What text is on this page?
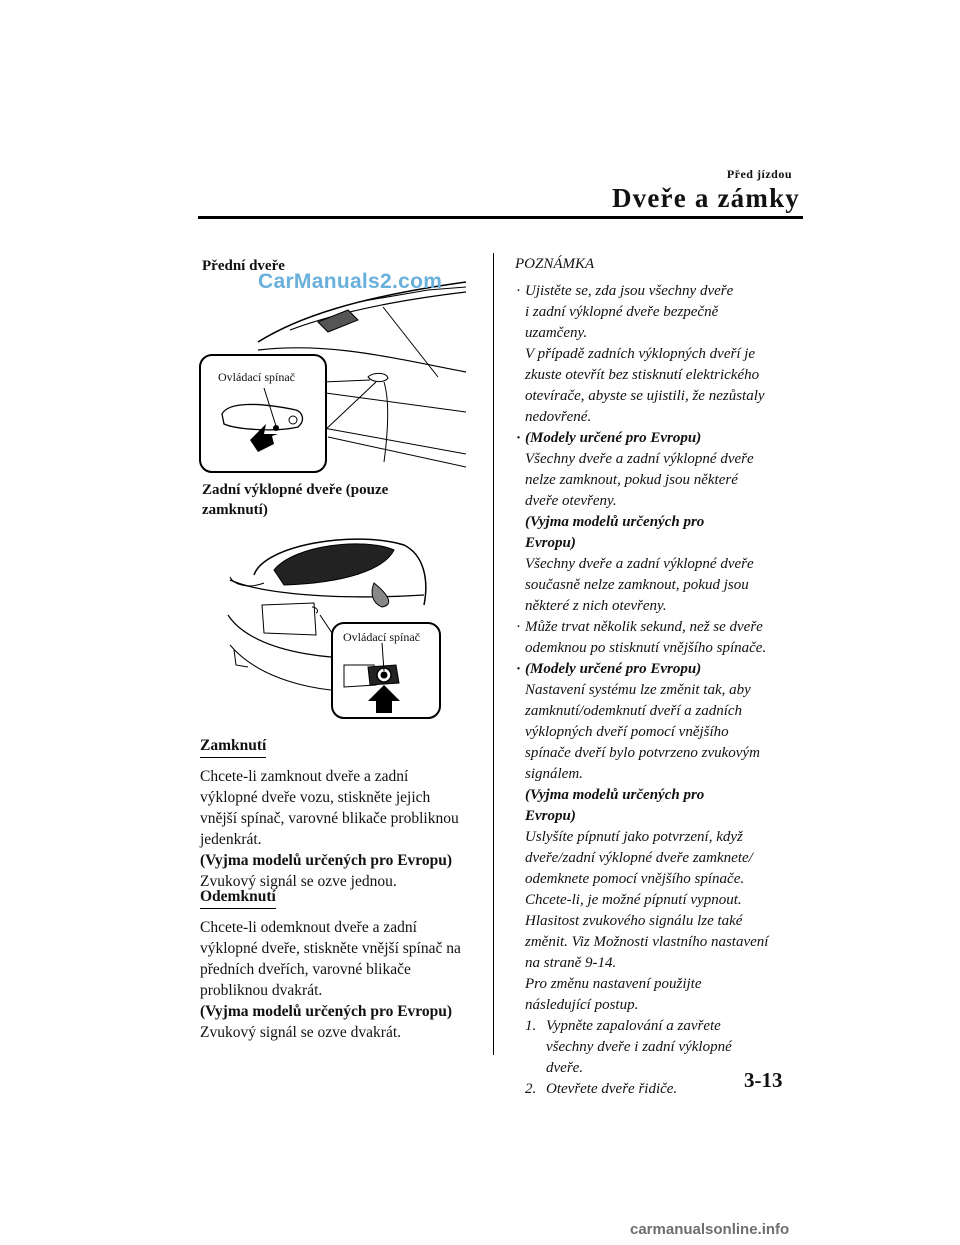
Před jízdou
Dveře a zámky
Přední dveře
Ovládací spínač
Zadní výklopné dveře (pouze
zamknutí)
Ovládací spínač
Zamknutí
Chcete-li zamknout dveře a zadní
výklopné dveře vozu, stiskněte jejich
vnější spínač, varovné blikače probliknou
jedenkrát.
(Vyjma modelů určených pro Evropu)
Zvukový signál se ozve jednou.
Odemknutí
Chcete-li odemknout dveře a zadní
výklopné dveře, stiskněte vnější spínač na
předních dveřích, varovné blikače
probliknou dvakrát.
(Vyjma modelů určených pro Evropu)
Zvukový signál se ozve dvakrát.
POZNÁMKA
· Ujistěte se, zda jsou všechny dveře
i zadní výklopné dveře bezpečně
uzamčeny.
V případě zadních výklopných dveří je
zkuste otevřít bez stisknutí elektrického
otevírače, abyste se ujistili, že nezůstaly
nedovřené.
· (Modely určené pro Evropu)
Všechny dveře a zadní výklopné dveře
nelze zamknout, pokud jsou některé
dveře otevřeny.
(Vyjma modelů určených pro
Evropu)
Všechny dveře a zadní výklopné dveře
současně nelze zamknout, pokud jsou
některé z nich otevřeny.
· Může trvat několik sekund, než se dveře
odemknou po stisknutí vnějšího spínače.
· (Modely určené pro Evropu)
Nastavení systému lze změnit tak, aby
zamknutí/odemknutí dveří a zadních
výklopných dveří pomocí vnějšího
spínače dveří bylo potvrzeno zvukovým
signálem.
(Vyjma modelů určených pro
Evropu)
Uslyšíte pípnutí jako potvrzení, když
dveře/zadní výklopné dveře zamknete/
odemknete pomocí vnějšího spínače.
Chcete-li, je možné pípnutí vypnout.
Hlasitost zvukového signálu lze také
změnit. Viz Možnosti vlastního nastavení
na straně 9-14.
Pro změnu nastavení použijte
následující postup.
1. Vypněte zapalování a zavřete
všechny dveře i zadní výklopné
dveře.
2. Otevřete dveře řidiče.	3-13
CarManuals2.com
carmanualsonline.info
